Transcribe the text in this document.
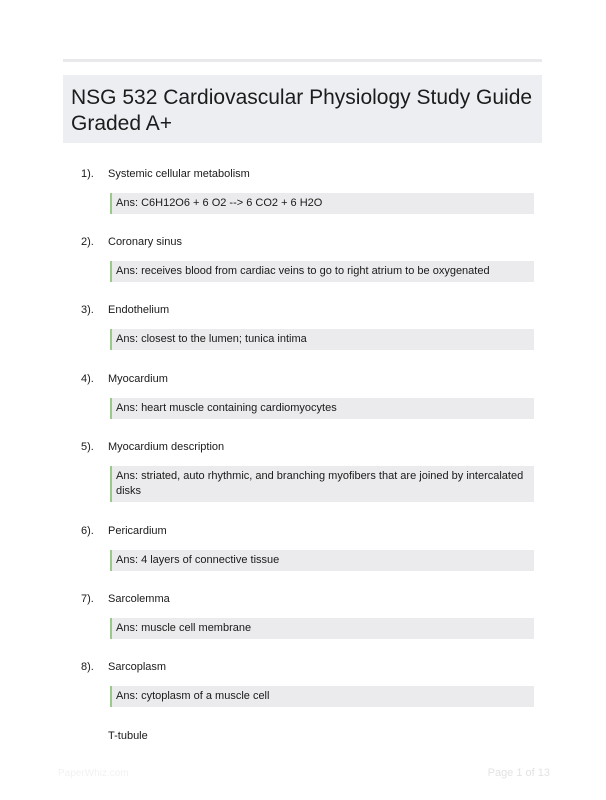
NSG 532 Cardiovascular Physiology Study Guide Graded A+
1). Systemic cellular metabolism
Ans: C6H12O6 + 6 O2 --> 6 CO2 + 6 H2O
2). Coronary sinus
Ans: receives blood from cardiac veins to go to right atrium to be oxygenated
3). Endothelium
Ans: closest to the lumen; tunica intima
4). Myocardium
Ans: heart muscle containing cardiomyocytes
5). Myocardium description
Ans: striated, auto rhythmic, and branching myofibers that are joined by intercalated disks
6). Pericardium
Ans: 4 layers of connective tissue
7). Sarcolemma
Ans: muscle cell membrane
8). Sarcoplasm
Ans: cytoplasm of a muscle cell
T-tubule
PaperWhiz.com	Page 1 of 13
